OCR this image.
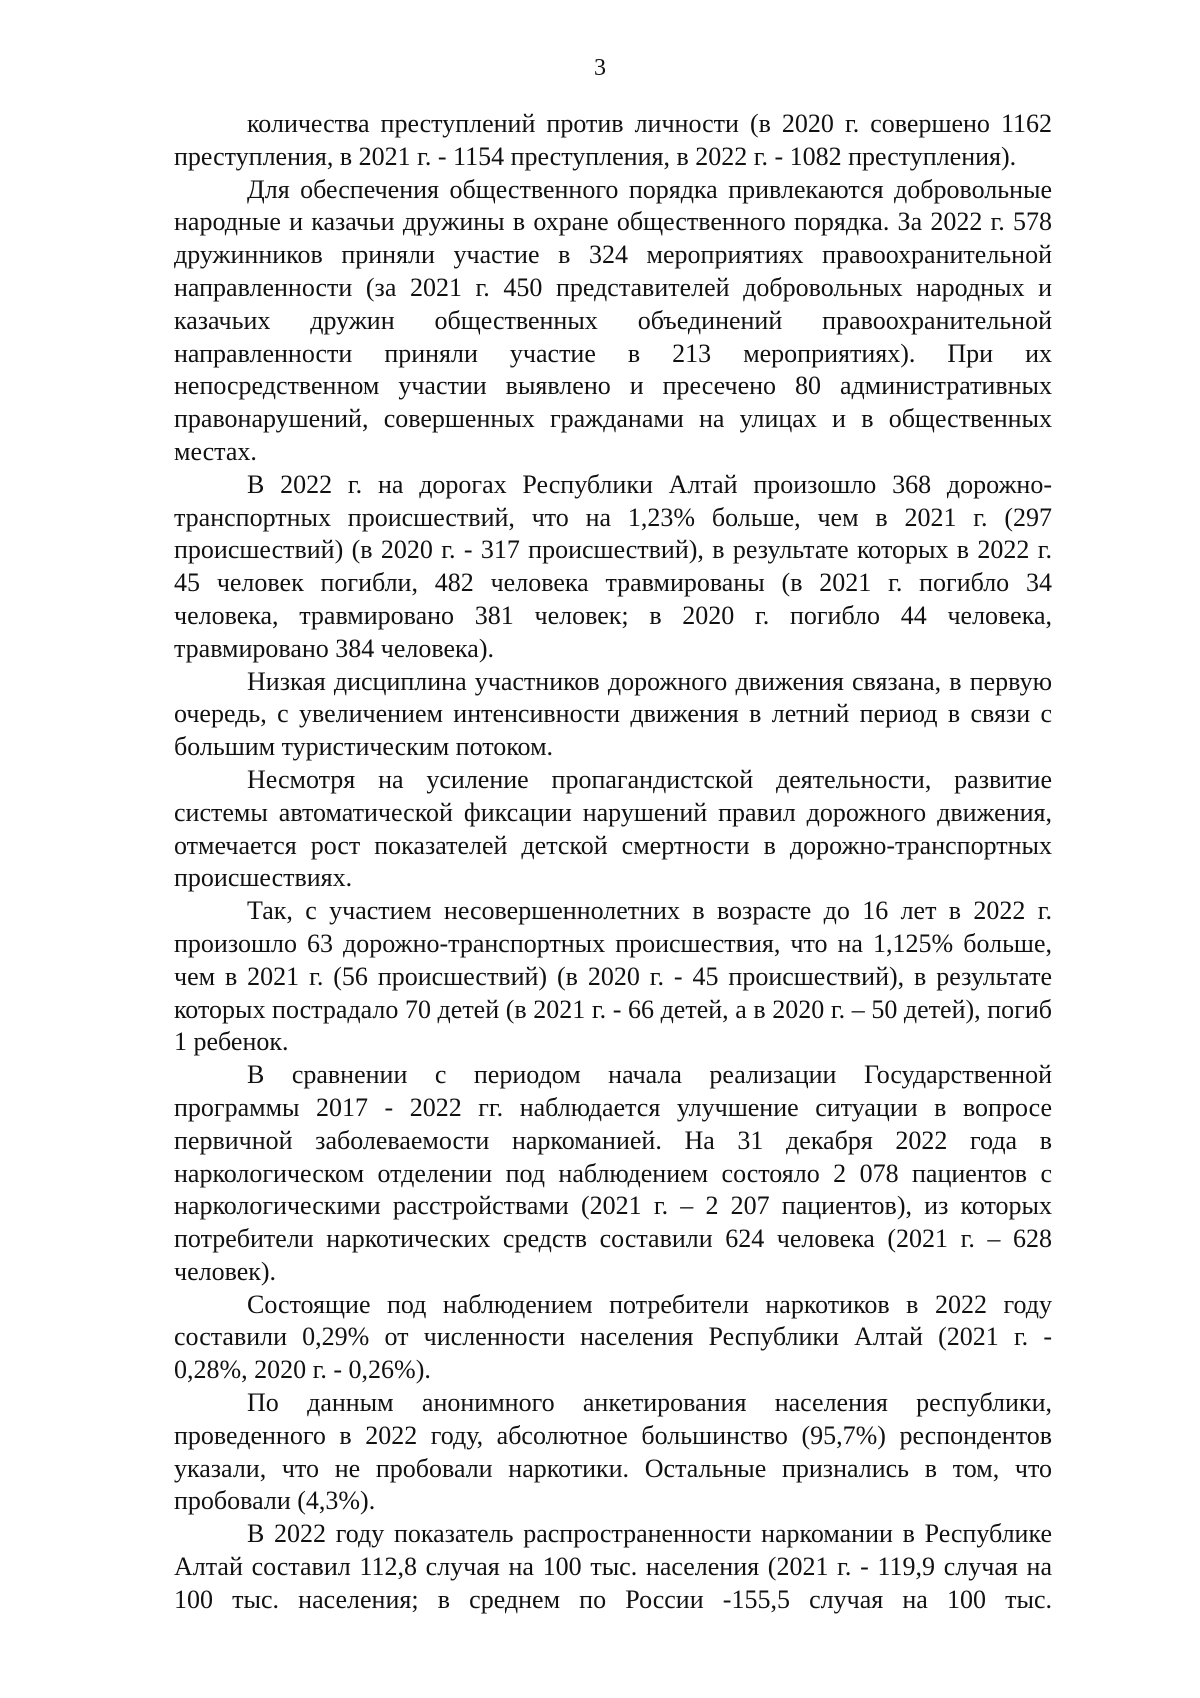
3

количества преступлений против личности (в 2020 г. совершено 1162 преступления, в 2021 г. - 1154 преступления, в 2022 г. - 1082 преступления).

Для обеспечения общественного порядка привлекаются добровольные народные и казачьи дружины в охране общественного порядка. За 2022 г. 578 дружинников приняли участие в 324 мероприятиях правоохранительной направленности (за 2021 г. 450 представителей добровольных народных и казачьих дружин общественных объединений правоохранительной направленности приняли участие в 213 мероприятиях). При их непосредственном участии выявлено и пресечено 80 административных правонарушений, совершенных гражданами на улицах и в общественных местах.

В 2022 г. на дорогах Республики Алтай произошло 368 дорожно-транспортных происшествий, что на 1,23% больше, чем в 2021 г. (297 происшествий) (в 2020 г. - 317 происшествий), в результате которых в 2022 г. 45 человек погибли, 482 человека травмированы (в 2021 г. погибло 34 человека, травмировано 381 человек; в 2020 г. погибло 44 человека, травмировано 384 человека).

Низкая дисциплина участников дорожного движения связана, в первую очередь, с увеличением интенсивности движения в летний период в связи с большим туристическим потоком.

Несмотря на усиление пропагандистской деятельности, развитие системы автоматической фиксации нарушений правил дорожного движения, отмечается рост показателей детской смертности в дорожно-транспортных происшествиях.

Так, с участием несовершеннолетних в возрасте до 16 лет в 2022 г. произошло 63 дорожно-транспортных происшествия, что на 1,125% больше, чем в 2021 г. (56 происшествий) (в 2020 г. - 45 происшествий), в результате которых пострадало 70 детей (в 2021 г. - 66 детей, а в 2020 г. – 50 детей), погиб 1 ребенок.

В сравнении с периодом начала реализации Государственной программы 2017 - 2022 гг. наблюдается улучшение ситуации в вопросе первичной заболеваемости наркоманией. На 31 декабря 2022 года в наркологическом отделении под наблюдением состояло 2 078 пациентов с наркологическими расстройствами (2021 г. – 2 207 пациентов), из которых потребители наркотических средств составили 624 человека (2021 г. – 628 человек).

Состоящие под наблюдением потребители наркотиков в 2022 году составили 0,29% от численности населения Республики Алтай (2021 г. - 0,28%, 2020 г. - 0,26%).

По данным анонимного анкетирования населения республики, проведенного в 2022 году, абсолютное большинство (95,7%) респондентов указали, что не пробовали наркотики. Остальные признались в том, что пробовали (4,3%).

В 2022 году показатель распространенности наркомании в Республике Алтай составил 112,8 случая на 100 тыс. населения (2021 г. - 119,9 случая на 100 тыс. населения; в среднем по России -155,5 случая на 100 тыс.
